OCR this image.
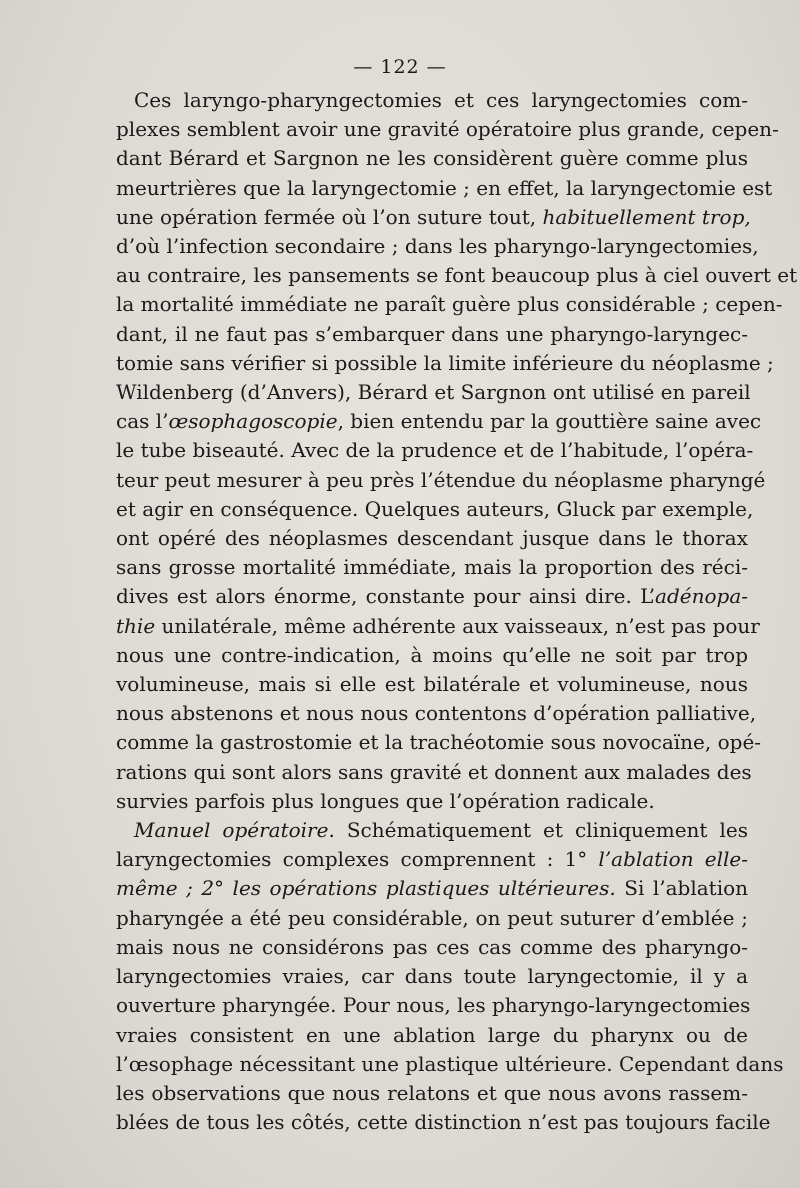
— 122 —
Ces laryngo-pharyngectomies et ces laryngectomies com-
plexes semblent avoir une gravité opératoire plus grande, cepen-
dant Bérard et Sargnon ne les considèrent guère comme plus
meurtrières que la laryngectomie ; en effet, la laryngectomie est
une opération fermée où l’on suture tout, habituellement trop,
d’où l’infection secondaire ; dans les pharyngo-laryngectomies,
au contraire, les pansements se font beaucoup plus à ciel ouvert et
la mortalité immédiate ne paraît guère plus considérable ; cepen-
dant, il ne faut pas s’embarquer dans une pharyngo-laryngec-
tomie sans vérifier si possible la limite inférieure du néoplasme ;
Wildenberg (d’Anvers), Bérard et Sargnon ont utilisé en pareil
cas l’œsophagoscopie, bien entendu par la gouttière saine avec
le tube biseauté. Avec de la prudence et de l’habitude, l’opéra-
teur peut mesurer à peu près l’étendue du néoplasme pharyngé
et agir en conséquence. Quelques auteurs, Gluck par exemple,
ont opéré des néoplasmes descendant jusque dans le thorax
sans grosse mortalité immédiate, mais la proportion des réci-
dives est alors énorme, constante pour ainsi dire. L’adénopa-
thie unilatérale, même adhérente aux vaisseaux, n’est pas pour
nous une contre-indication, à moins qu’elle ne soit par trop
volumineuse, mais si elle est bilatérale et volumineuse, nous
nous abstenons et nous nous contentons d’opération palliative,
comme la gastrostomie et la trachéotomie sous novocaïne, opé-
rations qui sont alors sans gravité et donnent aux malades des
survies parfois plus longues que l’opération radicale.
Manuel opératoire. Schématiquement et cliniquement les
laryngectomies complexes comprennent : 1° l’ablation elle-
même ; 2° les opérations plastiques ultérieures. Si l’ablation
pharyngée a été peu considérable, on peut suturer d’emblée ;
mais nous ne considérons pas ces cas comme des pharyngo-
laryngectomies vraies, car dans toute laryngectomie, il y a
ouverture pharyngée. Pour nous, les pharyngo-laryngectomies
vraies consistent en une ablation large du pharynx ou de
l’œsophage nécessitant une plastique ultérieure. Cependant dans
les observations que nous relatons et que nous avons rassem-
blées de tous les côtés, cette distinction n’est pas toujours facile
